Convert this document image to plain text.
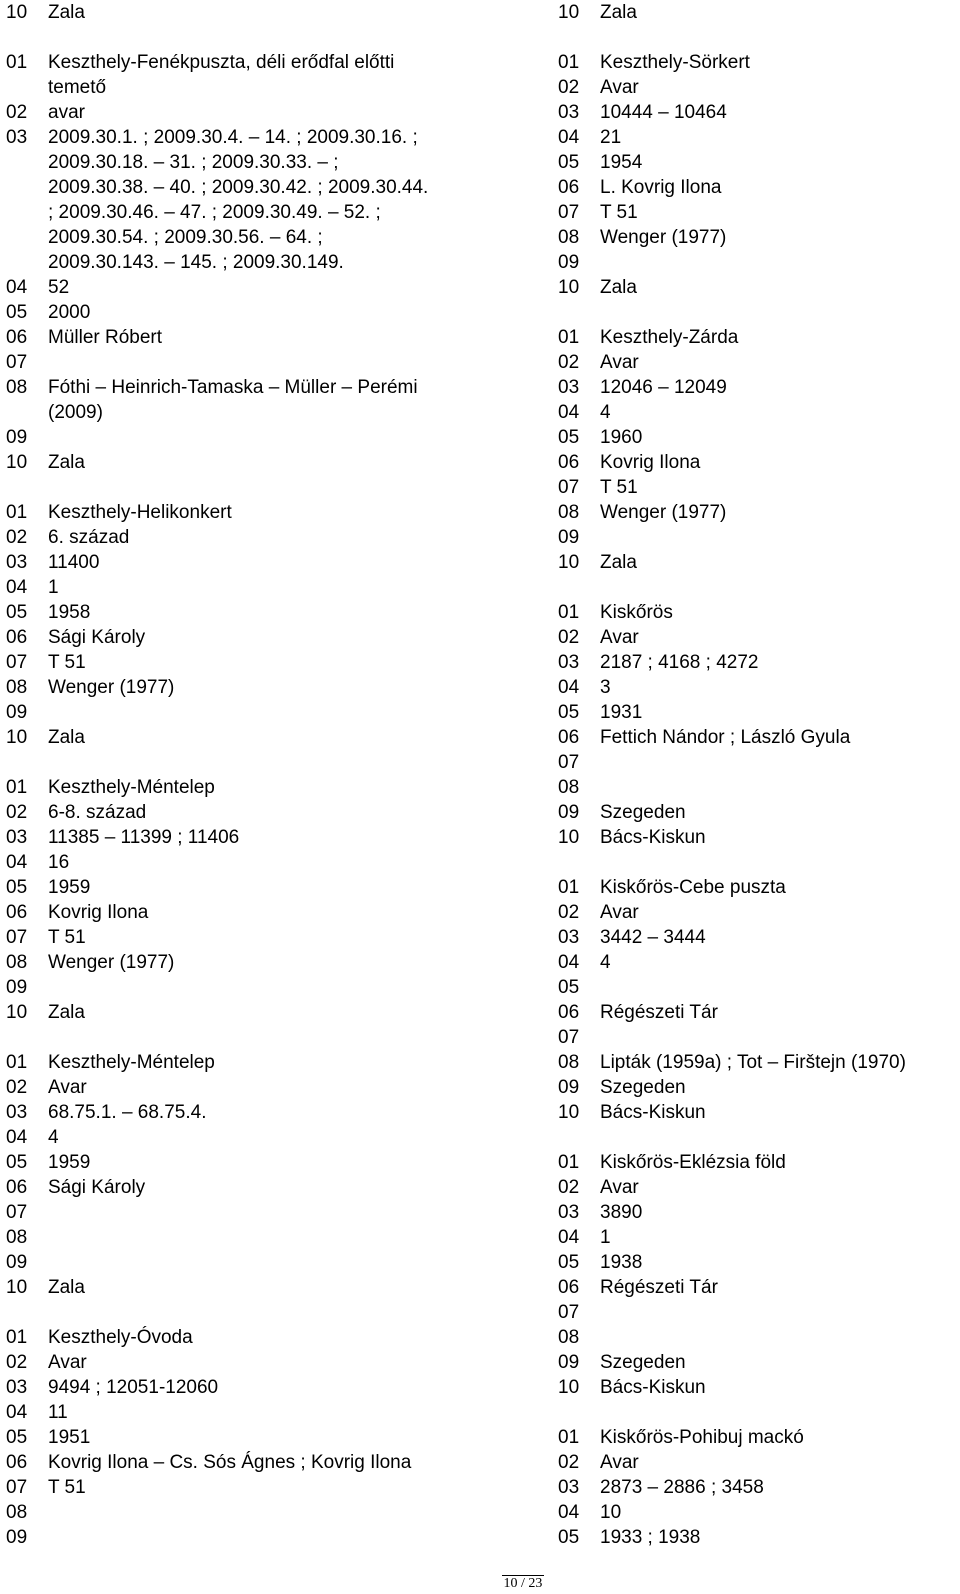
10	Zala
01	Keszthely-Fenékpuszta, déli erődfal előtti
temető
02	avar
03	2009.30.1. ; 2009.30.4. – 14. ; 2009.30.16. ;
2009.30.18. – 31. ; 2009.30.33. – ;
2009.30.38. – 40. ; 2009.30.42. ; 2009.30.44.
; 2009.30.46. – 47. ; 2009.30.49. – 52. ;
2009.30.54. ; 2009.30.56. – 64. ;
2009.30.143. – 145. ; 2009.30.149.
04	52
05	2000
06	Müller Róbert
07
08	Fóthi – Heinrich-Tamaska – Müller – Perémi
(2009)
09
10	Zala
01	Keszthely-Helikonkert
02	6. század
03	11400
04	1
05	1958
06	Sági Károly
07	T 51
08	Wenger (1977)
09
10	Zala
01	Keszthely-Méntelep
02	6-8. század
03	11385 – 11399 ; 11406
04	16
05	1959
06	Kovrig Ilona
07	T 51
08	Wenger (1977)
09
10	Zala
01	Keszthely-Méntelep
02	Avar
03	68.75.1. – 68.75.4.
04	4
05	1959
06	Sági Károly
07
08
09
10	Zala
01	Keszthely-Óvoda
02	Avar
03	9494 ; 12051-12060
04	11
05	1951
06	Kovrig Ilona – Cs. Sós Ágnes ; Kovrig Ilona
07	T 51
08
09
10	Zala
01	Keszthely-Sörkert
02	Avar
03	10444 – 10464
04	21
05	1954
06	L. Kovrig Ilona
07	T 51
08	Wenger (1977)
09
10	Zala
01	Keszthely-Zárda
02	Avar
03	12046 – 12049
04	4
05	1960
06	Kovrig Ilona
07	T 51
08	Wenger (1977)
09
10	Zala
01	Kiskőrös
02	Avar
03	2187 ; 4168 ; 4272
04	3
05	1931
06	Fettich Nándor ; László Gyula
07
08
09	Szegeden
10	Bács-Kiskun
01	Kiskőrös-Cebe puszta
02	Avar
03	3442 – 3444
04	4
05
06	Régészeti Tár
07
08	Lipták (1959a) ; Tot – Firštejn (1970)
09	Szegeden
10	Bács-Kiskun
01	Kiskőrös-Eklézsia föld
02	Avar
03	3890
04	1
05	1938
06	Régészeti Tár
07
08
09	Szegeden
10	Bács-Kiskun
01	Kiskőrös-Pohibuj mackó
02	Avar
03	2873 – 2886 ; 3458
04	10
05	1933 ; 1938
10 / 23
